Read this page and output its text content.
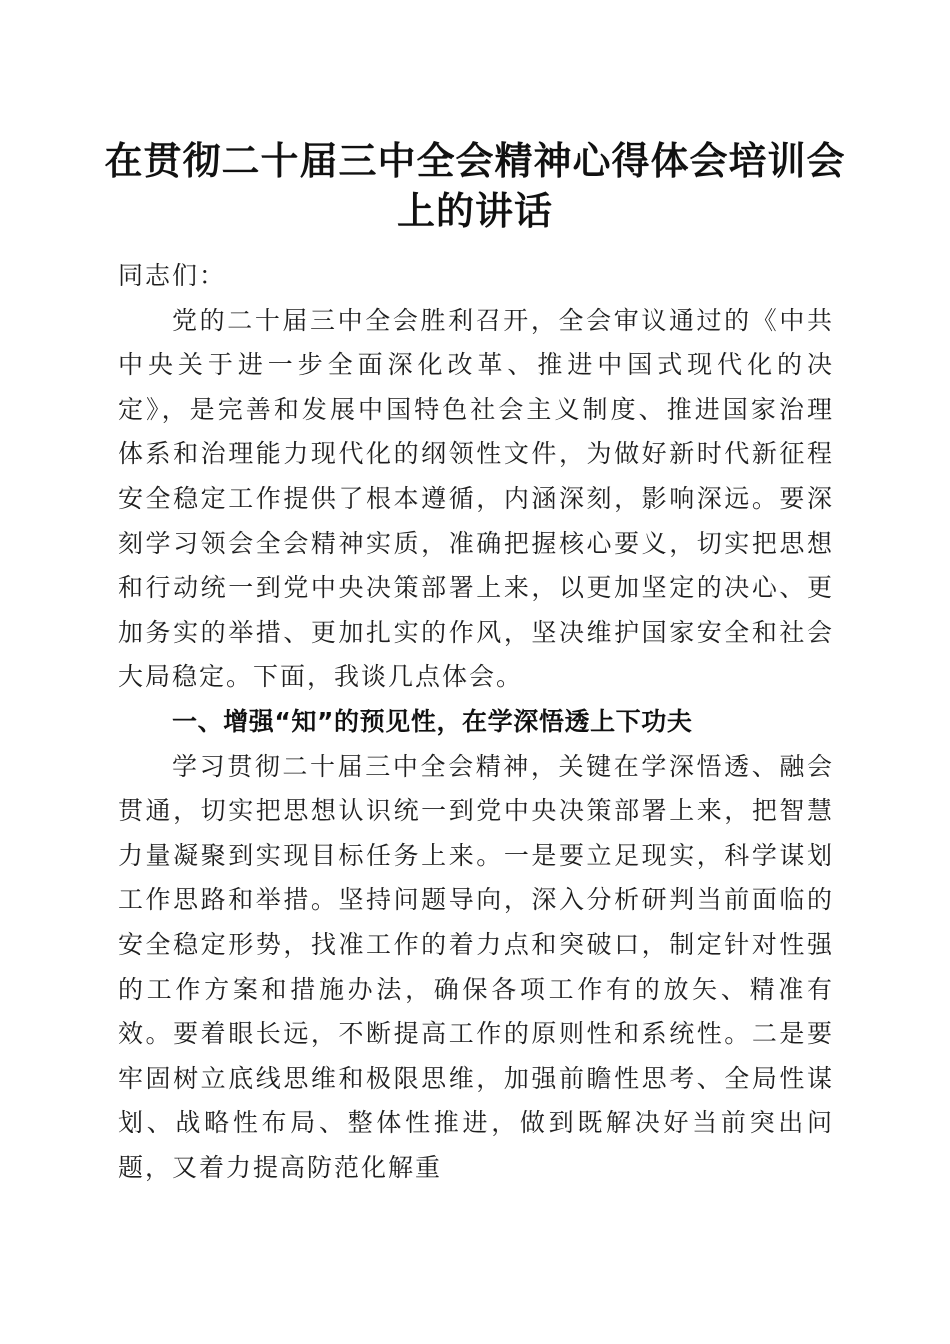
在贯彻二十届三中全会精神心得体会培训会上的讲话

同志们：

党的二十届三中全会胜利召开，全会审议通过的《中共中央关于进一步全面深化改革、推进中国式现代化的决定》，是完善和发展中国特色社会主义制度、推进国家治理体系和治理能力现代化的纲领性文件，为做好新时代新征程安全稳定工作提供了根本遵循，内涵深刻，影响深远。要深刻学习领会全会精神实质，准确把握核心要义，切实把思想和行动统一到党中央决策部署上来，以更加坚定的决心、更加务实的举措、更加扎实的作风，坚决维护国家安全和社会大局稳定。下面，我谈几点体会。

一、增强“知”的预见性，在学深悟透上下功夫

学习贯彻二十届三中全会精神，关键在学深悟透、融会贯通，切实把思想认识统一到党中央决策部署上来，把智慧力量凝聚到实现目标任务上来。一是要立足现实，科学谋划工作思路和举措。坚持问题导向，深入分析研判当前面临的安全稳定形势，找准工作的着力点和突破口，制定针对性强的工作方案和措施办法，确保各项工作有的放矢、精准有效。要着眼长远，不断提高工作的原则性和系统性。二是要牢固树立底线思维和极限思维，加强前瞻性思考、全局性谋划、战略性布局、整体性推进，做到既解决好当前突出问题，又着力提高防范化解重
